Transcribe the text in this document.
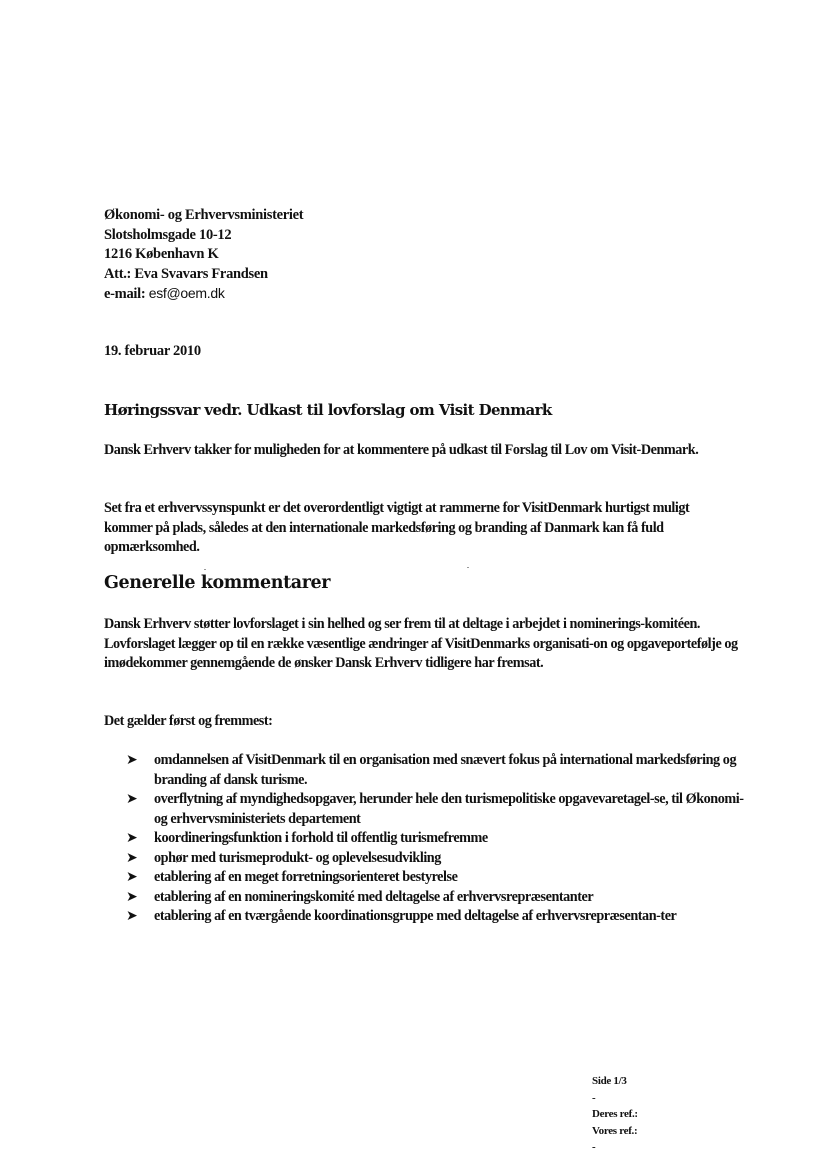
Økonomi- og Erhvervsministeriet
Slotsholmsgade 10-12
1216 København K
Att.: Eva Svavars Frandsen
e-mail: esf@oem.dk
19. februar 2010
Høringssvar vedr. Udkast til lovforslag om Visit Denmark

Dansk Erhverv takker for muligheden for at kommentere på udkast til Forslag til Lov om Visit-Denmark.

Set fra et erhvervssynspunkt er det overordentligt vigtigt at rammerne for VisitDenmark hurtigst muligt kommer på plads, således at den internationale markedsføring og branding af Danmark kan få fuld opmærksomhed.

Generelle kommentarer

Dansk Erhverv støtter lovforslaget i sin helhed og ser frem til at deltage i arbejdet i nominerings-komitéen. Lovforslaget lægger op til en række væsentlige ændringer af VisitDenmarks organisati-on og opgaveportefølje og imødekommer gennemgående de ønsker Dansk Erhverv tidligere har fremsat.

Det gælder først og fremmest:

➤ omdannelsen af VisitDenmark til en organisation med snævert fokus på international markedsføring og branding af dansk turisme.
➤ overflytning af myndighedsopgaver, herunder hele den turismepolitiske opgavevaretagel-se, til Økonomi- og erhvervsministeriets departement
➤ koordineringsfunktion i forhold til offentlig turismefremme
➤ ophør med turismeprodukt- og oplevelsesudvikling
➤ etablering af en meget forretningsorienteret bestyrelse
➤ etablering af en nomineringskomité med deltagelse af erhvervsrepræsentanter
➤ etablering af en tværgående koordinationsgruppe med deltagelse af erhvervsrepræsentan-ter
Side 1/3
-
Deres ref.:
Vores ref.:
-
